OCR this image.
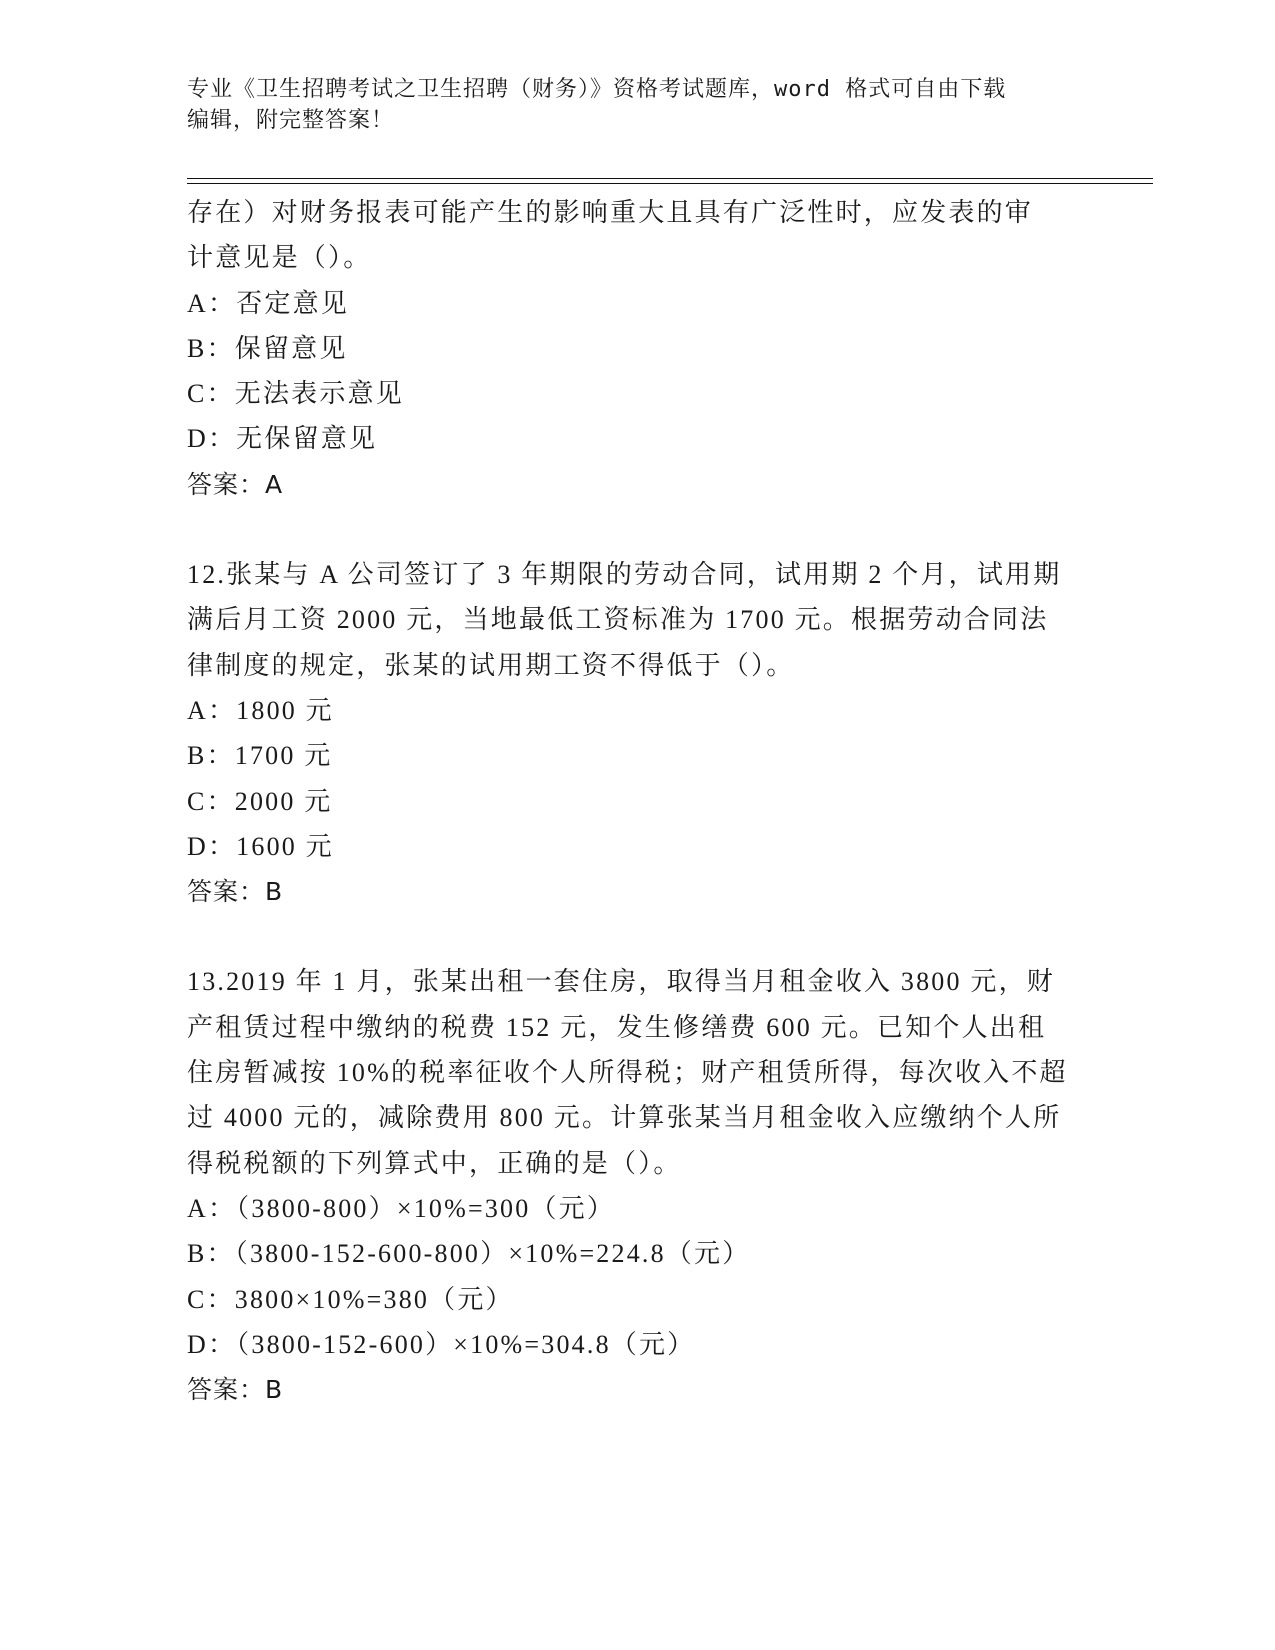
专业《卫生招聘考试之卫生招聘（财务）》资格考试题库，word 格式可自由下载
编辑，附完整答案！

存在）对财务报表可能产生的影响重大且具有广泛性时，应发表的审

计意见是（）。

A：否定意见

B：保留意见

C：无法表示意见

D：无保留意见

答案：A

12.张某与 A 公司签订了 3 年期限的劳动合同，试用期 2 个月，试用期

满后月工资 2000 元，当地最低工资标准为 1700 元。根据劳动合同法

律制度的规定，张某的试用期工资不得低于（）。

A：1800 元

B：1700 元

C：2000 元

D：1600 元

答案：B

13.2019 年 1 月，张某出租一套住房，取得当月租金收入 3800 元，财

产租赁过程中缴纳的税费 152 元，发生修缮费 600 元。已知个人出租

住房暂减按 10%的税率征收个人所得税；财产租赁所得，每次收入不超

过 4000 元的，减除费用 800 元。计算张某当月租金收入应缴纳个人所

得税税额的下列算式中，正确的是（）。

A：（3800-800）×10%=300（元）

B：（3800-152-600-800）×10%=224.8（元）

C：3800×10%=380（元）

D：（3800-152-600）×10%=304.8（元）

答案：B
